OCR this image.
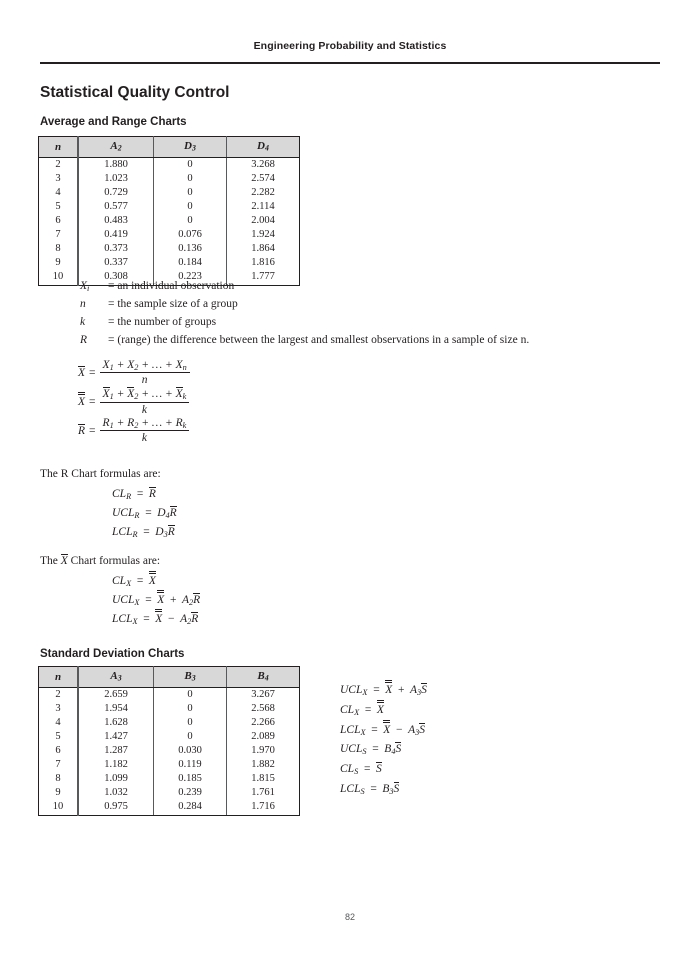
Engineering Probability and Statistics
Statistical Quality Control
Average and Range Charts
n	$A_2$	$D_3$	$D_4$
2	1.880	0	3.268
3	1.023	0	2.574
4	0.729	0	2.282
5	0.577	0	2.114
6	0.483	0	2.004
7	0.419	0.076	1.924
8	0.373	0.136	1.864
9	0.337	0.184	1.816
10	0.308	0.223	1.777
$X_i$	= an individual observation
n	= the sample size of a group
k	= the number of groups
R	= (range) the difference between the largest and smallest observations in a sample of size n.
$X = \frac{X_1 + X_2 + \dots + X_n}{n}$
$X = \frac{X_1 + X_2 + \dots + X_k}{k}$
$R = \frac{R_1 + R_2 + \dots + R_k}{k}$
The R Chart formulas are:
$CL_R = R$
$UCL_R = D_4R$
$LCL_R = D_3R$
The X Chart formulas are:
$CL_X = X$
$UCL_X = X + A_2R$
$LCL_X = X - A_2R$
Standard Deviation Charts
n	$A_3$	$B_3$	$B_4$
2	2.659	0	3.267
3	1.954	0	2.568
4	1.628	0	2.266
5	1.427	0	2.089
6	1.287	0.030	1.970
7	1.182	0.119	1.882
8	1.099	0.185	1.815
9	1.032	0.239	1.761
10	0.975	0.284	1.716
$UCL_X = X + A_3S$
$CL_X = X$
$LCL_X = X - A_3S$
$UCL_S = B_4S$
$CL_S = S$
$LCL_S = B_3S$
82
